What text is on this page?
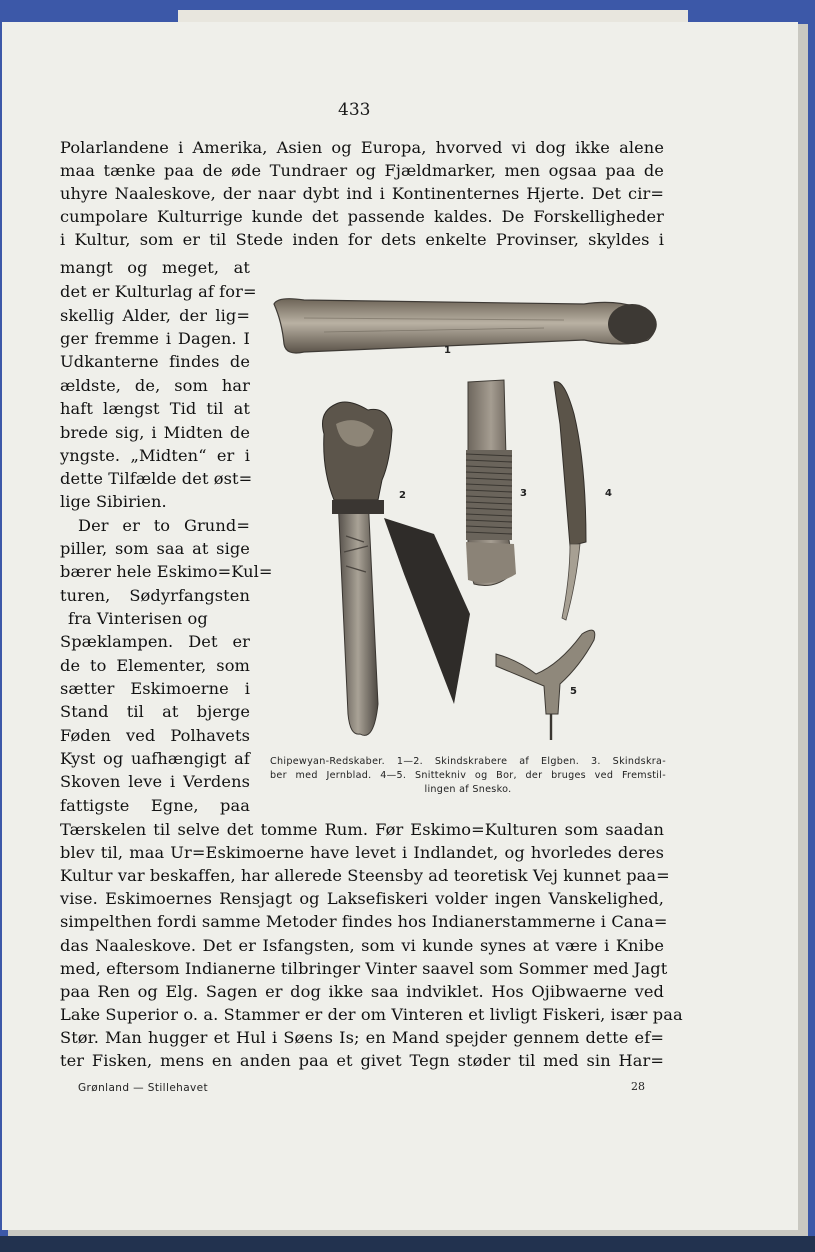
433
Polarlandene i Amerika, Asien og Europa, hvorved vi dog ikke alene
maa tænke paa de øde Tundraer og Fjældmarker, men ogsaa paa de
uhyre Naaleskove, der naar dybt ind i Kontinenternes Hjerte. Det cir=
cumpolare Kulturrige kunde det passende kaldes. De Forskelligheder
i Kultur, som er til Stede inden for dets enkelte Provinser, skyldes i
mangt og meget, at
det er Kulturlag af for=
skellig Alder, der lig=
ger fremme i Dagen. I
Udkanterne findes de
ældste, de, som har
haft længst Tid til at
brede sig, i Midten de
yngste. „Midten“ er i
dette Tilfælde det øst=
lige Sibirien.
Der er to Grund=
piller, som saa at sige
bærer hele Eskimo=Kul=
turen, Sødyrfangsten
fra Vinterisen og
Spæklampen. Det er
de to Elementer, som
sætter Eskimoerne i
Stand til at bjerge
Føden ved Polhavets
Kyst og uafhængigt af
Skoven leve i Verdens
fattigste Egne, paa
1
2	3	4
5
Chipewyan-Redskaber. 1—2. Skindskrabere af Elgben. 3. Skindskra-
ber med Jernblad. 4—5. Snittekniv og Bor, der bruges ved Fremstil-
lingen af Snesko.
Tærskelen til selve det tomme Rum. Før Eskimo=Kulturen som saadan
blev til, maa Ur=Eskimoerne have levet i Indlandet, og hvorledes deres
Kultur var beskaffen, har allerede Steensby ad teoretisk Vej kunnet paa=
vise. Eskimoernes Rensjagt og Laksefiskeri volder ingen Vanskelighed,
simpelthen fordi samme Metoder findes hos Indianerstammerne i Cana=
das Naaleskove. Det er Isfangsten, som vi kunde synes at være i Knibe
med, eftersom Indianerne tilbringer Vinter saavel som Sommer med Jagt
paa Ren og Elg. Sagen er dog ikke saa indviklet. Hos Ojibwaerne ved
Lake Superior o. a. Stammer er der om Vinteren et livligt Fiskeri, især paa
Stør. Man hugger et Hul i Søens Is; en Mand spejder gennem dette ef=
ter Fisken, mens en anden paa et givet Tegn støder til med sin Har=
Grønland — Stillehavet	28
